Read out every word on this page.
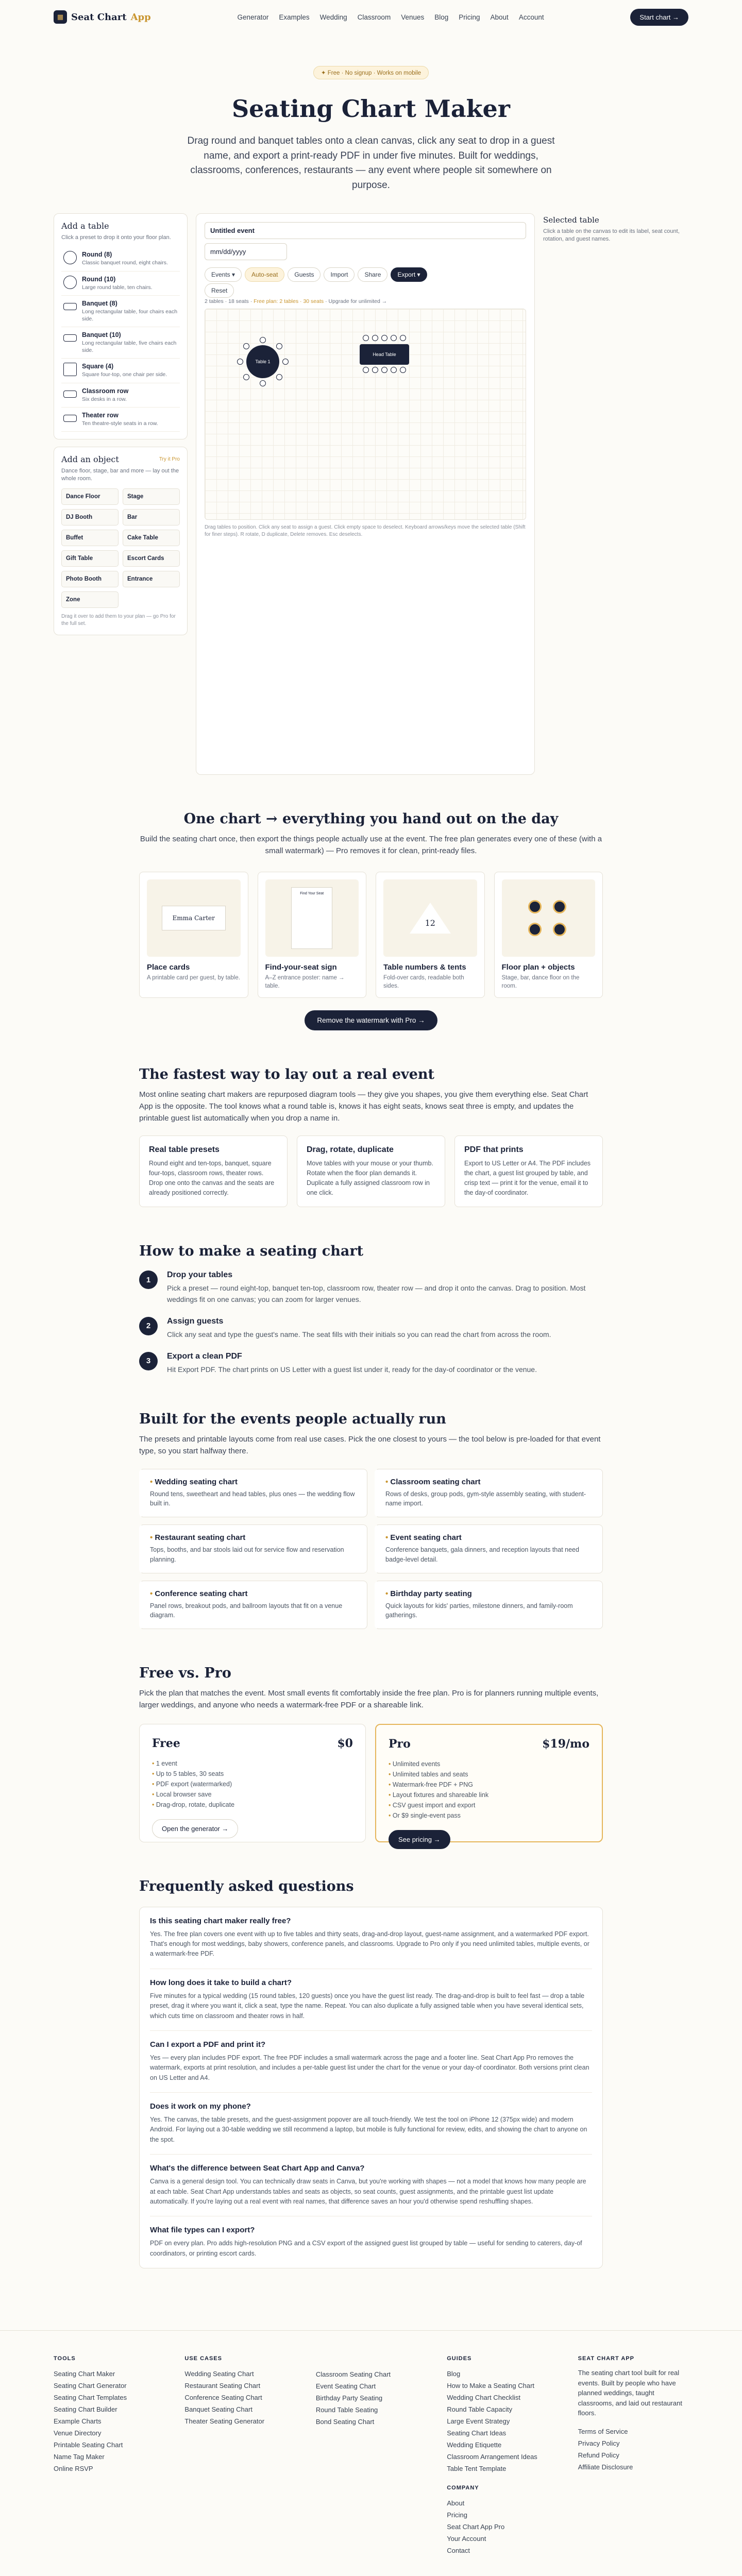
▦ Seat Chart App	Generator Examples Wedding Classroom Venues Blog Pricing About Account	Start chart →
✦ Free · No signup · Works on mobile
Seating Chart Maker

Drag round and banquet tables onto a clean canvas, click any seat to drop in a guest name, and export a print-ready PDF in under five minutes. Built for weddings, classrooms, conferences, restaurants — any event where people sit somewhere on purpose.

Add a table
Click a preset to drop it onto your floor plan.
Round (8)
Classic banquet round, eight chairs.
Round (10)
Large round table, ten chairs.
Banquet (8)
Long rectangular table, four chairs each side.
Banquet (10)
Long rectangular table, five chairs each side.
Square (4)
Square four-top, one chair per side.
Classroom row
Six desks in a row.
Theater row
Ten theatre-style seats in a row.
Add an object	Try it Pro
Dance floor, stage, bar and more — lay out the whole room.
Dance Floor	Stage
DJ Booth	Bar
Buffet	Cake Table
Gift Table	Escort Cards
Photo Booth	Entrance
Zone
Drag it over to add them to your plan — go Pro for the full set.
Untitled event
mm/dd/yyyy
Events ▾	Auto-seat	Guests	Import	Share	Export ▾
Reset
2 tables · 18 seats · Free plan: 2 tables · 30 seats · Upgrade for unlimited →
Table 1
Head Table
Drag tables to position. Click any seat to assign a guest. Click empty space to deselect. Keyboard arrows/keys move the selected table (Shift for finer steps). R rotate, D duplicate, Delete removes. Esc deselects.
Selected table
Click a table on the canvas to edit its label, seat count, rotation, and guest names.
One chart → everything you hand out on the day

Build the seating chart once, then export the things people actually use at the event. The free plan generates every one of these (with a small watermark) — Pro removes it for clean, print-ready files.

Emma Carter
Place cards

A printable card per guest, by table.

Find Your Seat
Find-your-seat sign

A–Z entrance poster: name → table.

12
Table numbers & tents

Fold-over cards, readable both sides.

Floor plan + objects

Stage, bar, dance floor on the room.

Remove the watermark with Pro →
The fastest way to lay out a real event

Most online seating chart makers are repurposed diagram tools — they give you shapes, you give them everything else. Seat Chart App is the opposite. The tool knows what a round table is, knows it has eight seats, knows seat three is empty, and updates the printable guest list automatically when you drop a name in.

Real table presets

Round eight and ten-tops, banquet, square four-tops, classroom rows, theater rows. Drop one onto the canvas and the seats are already positioned correctly.

Drag, rotate, duplicate

Move tables with your mouse or your thumb. Rotate when the floor plan demands it. Duplicate a fully assigned classroom row in one click.

PDF that prints

Export to US Letter or A4. The PDF includes the chart, a guest list grouped by table, and crisp text — print it for the venue, email it to the day-of coordinator.

How to make a seating chart
1
Drop your tables

Pick a preset — round eight-top, banquet ten-top, classroom row, theater row — and drop it onto the canvas. Drag to position. Most weddings fit on one canvas; you can zoom for larger venues.

2
Assign guests

Click any seat and type the guest's name. The seat fills with their initials so you can read the chart from across the room.

3
Export a clean PDF

Hit Export PDF. The chart prints on US Letter with a guest list under it, ready for the day-of coordinator or the venue.

Built for the events people actually run

The presets and printable layouts come from real use cases. Pick the one closest to yours — the tool below is pre-loaded for that event type, so you start halfway there.

• Wedding seating chart

Round tens, sweetheart and head tables, plus ones — the wedding flow built in.

• Classroom seating chart

Rows of desks, group pods, gym-style assembly seating, with student-name import.

• Restaurant seating chart

Tops, booths, and bar stools laid out for service flow and reservation planning.

• Event seating chart

Conference banquets, gala dinners, and reception layouts that need badge-level detail.

• Conference seating chart

Panel rows, breakout pods, and ballroom layouts that fit on a venue diagram.

• Birthday party seating

Quick layouts for kids' parties, milestone dinners, and family-room gatherings.

Free vs. Pro

Pick the plan that matches the event. Most small events fit comfortably inside the free plan. Pro is for planners running multiple events, larger weddings, and anyone who needs a watermark-free PDF or a shareable link.

Free	$0
• 1 event
• Up to 5 tables, 30 seats
• PDF export (watermarked)
• Local browser save
• Drag-drop, rotate, duplicate
Open the generator →
Pro	$19/mo
• Unlimited events
• Unlimited tables and seats
• Watermark-free PDF + PNG
• Layout fixtures and shareable link
• CSV guest import and export
• Or $9 single-event pass
See pricing →
Frequently asked questions
Is this seating chart maker really free?

Yes. The free plan covers one event with up to five tables and thirty seats, drag-and-drop layout, guest-name assignment, and a watermarked PDF export. That's enough for most weddings, baby showers, conference panels, and classrooms. Upgrade to Pro only if you need unlimited tables, multiple events, or a watermark-free PDF.

How long does it take to build a chart?

Five minutes for a typical wedding (15 round tables, 120 guests) once you have the guest list ready. The drag-and-drop is built to feel fast — drop a table preset, drag it where you want it, click a seat, type the name. Repeat. You can also duplicate a fully assigned table when you have several identical sets, which cuts time on classroom and theater rows in half.

Can I export a PDF and print it?

Yes — every plan includes PDF export. The free PDF includes a small watermark across the page and a footer line. Seat Chart App Pro removes the watermark, exports at print resolution, and includes a per-table guest list under the chart for the venue or your day-of coordinator. Both versions print clean on US Letter and A4.

Does it work on my phone?

Yes. The canvas, the table presets, and the guest-assignment popover are all touch-friendly. We test the tool on iPhone 12 (375px wide) and modern Android. For laying out a 30-table wedding we still recommend a laptop, but mobile is fully functional for review, edits, and showing the chart to anyone on the spot.

What's the difference between Seat Chart App and Canva?

Canva is a general design tool. You can technically draw seats in Canva, but you're working with shapes — not a model that knows how many people are at each table. Seat Chart App understands tables and seats as objects, so seat counts, guest assignments, and the printable guest list update automatically. If you're laying out a real event with real names, that difference saves an hour you'd otherwise spend reshuffling shapes.

What file types can I export?

PDF on every plan. Pro adds high-resolution PNG and a CSV export of the assigned guest list grouped by table — useful for sending to caterers, day-of coordinators, or printing escort cards.

TOOLS
Seating Chart Maker
Seating Chart Generator
Seating Chart Templates
Seating Chart Builder
Example Charts
Venue Directory
Printable Seating Chart
Name Tag Maker
Online RSVP
USE CASES
Wedding Seating Chart
Restaurant Seating Chart
Conference Seating Chart
Banquet Seating Chart
Theater Seating Generator
Classroom Seating Chart
Event Seating Chart
Birthday Party Seating
Round Table Seating
Bond Seating Chart
GUIDES
Blog
How to Make a Seating Chart
Wedding Chart Checklist
Round Table Capacity
Large Event Strategy
Seating Chart Ideas
Wedding Etiquette
Classroom Arrangement Ideas
Table Tent Template
COMPANY
About
Pricing
Seat Chart App Pro
Your Account
Contact
SEAT CHART APP

The seating chart tool built for real events. Built by people who have planned weddings, taught classrooms, and laid out restaurant floors.

Terms of Service
Privacy Policy
Refund Policy
Affiliate Disclosure
